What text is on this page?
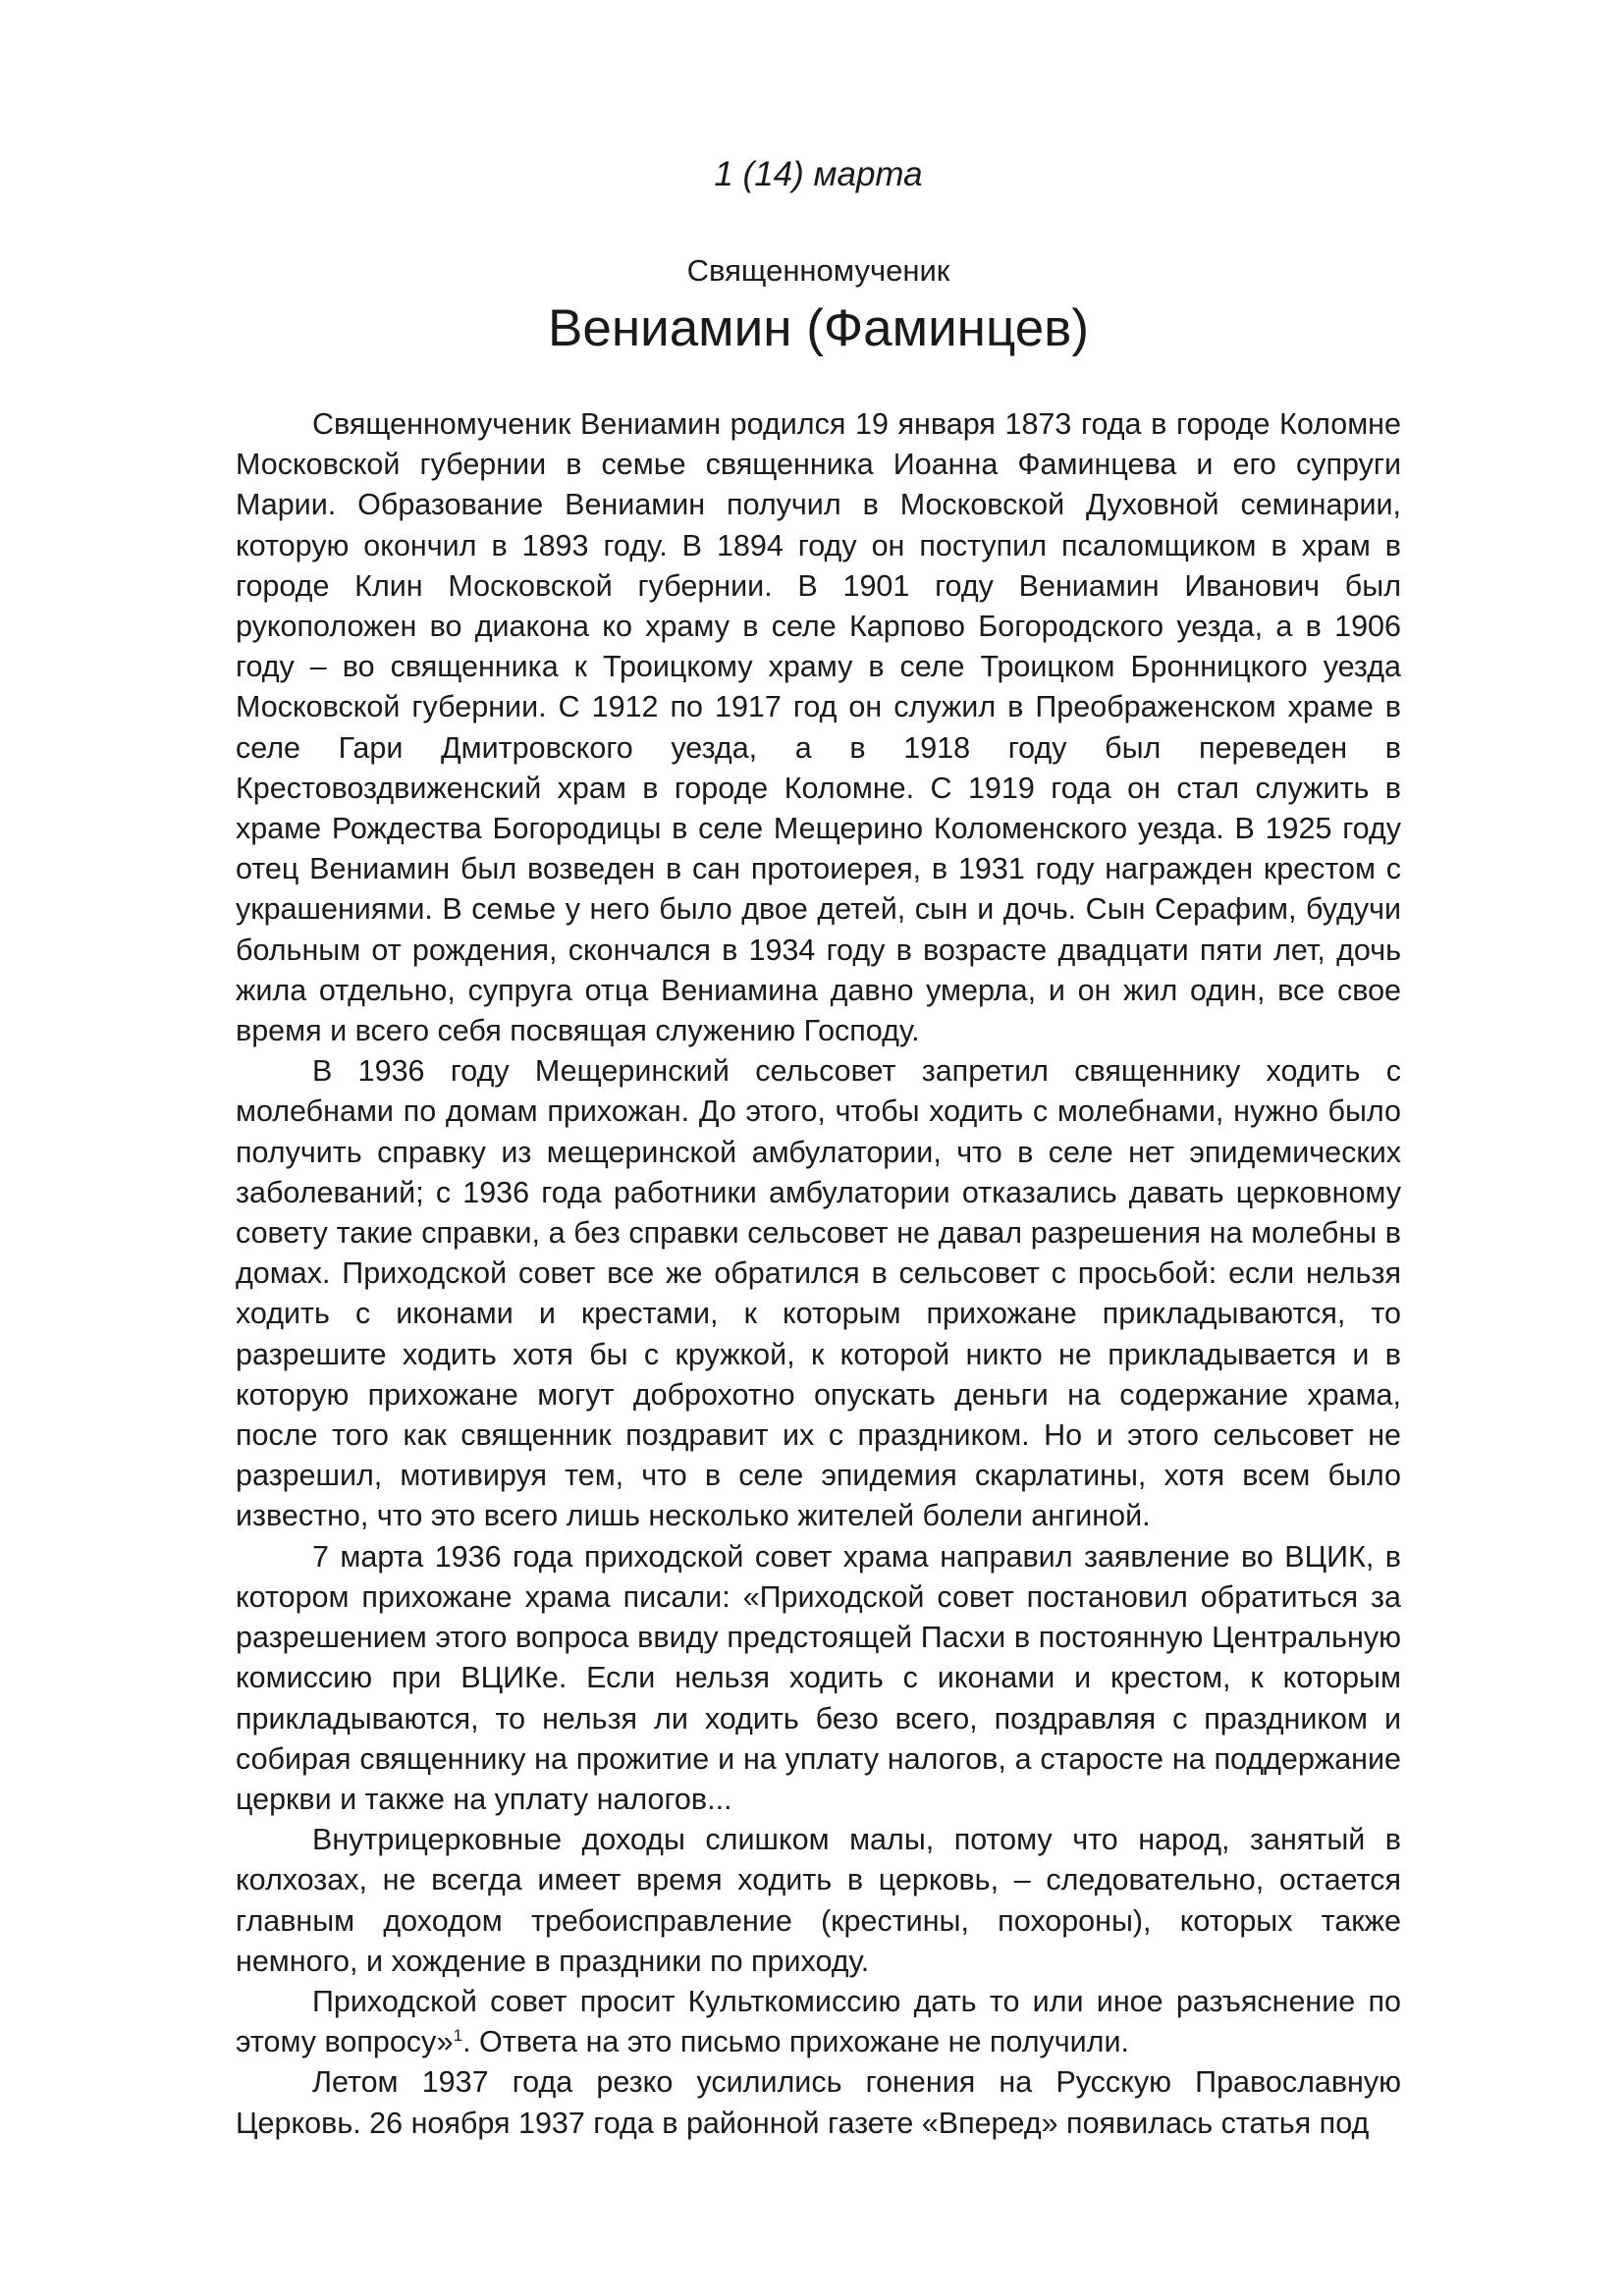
1 (14) марта
Священномученик
Вениамин (Фаминцев)

Священномученик Вениамин родился 19 января 1873 года в городе Коломне Московской губернии в семье священника Иоанна Фаминцева и его супруги Марии. Образование Вениамин получил в Московской Духовной семинарии, которую окончил в 1893 году. В 1894 году он поступил псаломщиком в храм в городе Клин Московской губернии. В 1901 году Вениамин Иванович был рукоположен во диакона ко храму в селе Карпово Богородского уезда, а в 1906 году – во священника к Троицкому храму в селе Троицком Бронницкого уезда Московской губернии. С 1912 по 1917 год он служил в Преображенском храме в селе Гари Дмитровского уезда, а в 1918 году был переведен в Крестовоздвиженский храм в городе Коломне. С 1919 года он стал служить в храме Рождества Богородицы в селе Мещерино Коломенского уезда. В 1925 году отец Вениамин был возведен в сан протоиерея, в 1931 году награжден крестом с украшениями. В семье у него было двое детей, сын и дочь. Сын Серафим, будучи больным от рождения, скончался в 1934 году в возрасте двадцати пяти лет, дочь жила отдельно, супруга отца Вениамина давно умерла, и он жил один, все свое время и всего себя посвящая служению Господу.

В 1936 году Мещеринский сельсовет запретил священнику ходить с молебнами по домам прихожан. До этого, чтобы ходить с молебнами, нужно было получить справку из мещеринской амбулатории, что в селе нет эпидемических заболеваний; с 1936 года работники амбулатории отказались давать церковному совету такие справки, а без справки сельсовет не давал разрешения на молебны в домах. Приходской совет все же обратился в сельсовет с просьбой: если нельзя ходить с иконами и крестами, к которым прихожане прикладываются, то разрешите ходить хотя бы с кружкой, к которой никто не прикладывается и в которую прихожане могут доброхотно опускать деньги на содержание храма, после того как священник поздравит их с праздником. Но и этого сельсовет не разрешил, мотивируя тем, что в селе эпидемия скарлатины, хотя всем было известно, что это всего лишь несколько жителей болели ангиной.

7 марта 1936 года приходской совет храма направил заявление во ВЦИК, в котором прихожане храма писали: «Приходской совет постановил обратиться за разрешением этого вопроса ввиду предстоящей Пасхи в постоянную Центральную комиссию при ВЦИКе. Если нельзя ходить с иконами и крестом, к которым прикладываются, то нельзя ли ходить безо всего, поздравляя с праздником и собирая священнику на прожитие и на уплату налогов, а старосте на поддержание церкви и также на уплату налогов...

Внутрицерковные доходы слишком малы, потому что народ, занятый в колхозах, не всегда имеет время ходить в церковь, – следовательно, остается главным доходом требоисправление (крестины, похороны), которых также немного, и хождение в праздники по приходу.

Приходской совет просит Культкомиссию дать то или иное разъяснение по этому вопросу»$^1$. Ответа на это письмо прихожане не получили.

Летом 1937 года резко усилились гонения на Русскую Православную Церковь. 26 ноября 1937 года в районной газете «Вперед» появилась статья под
